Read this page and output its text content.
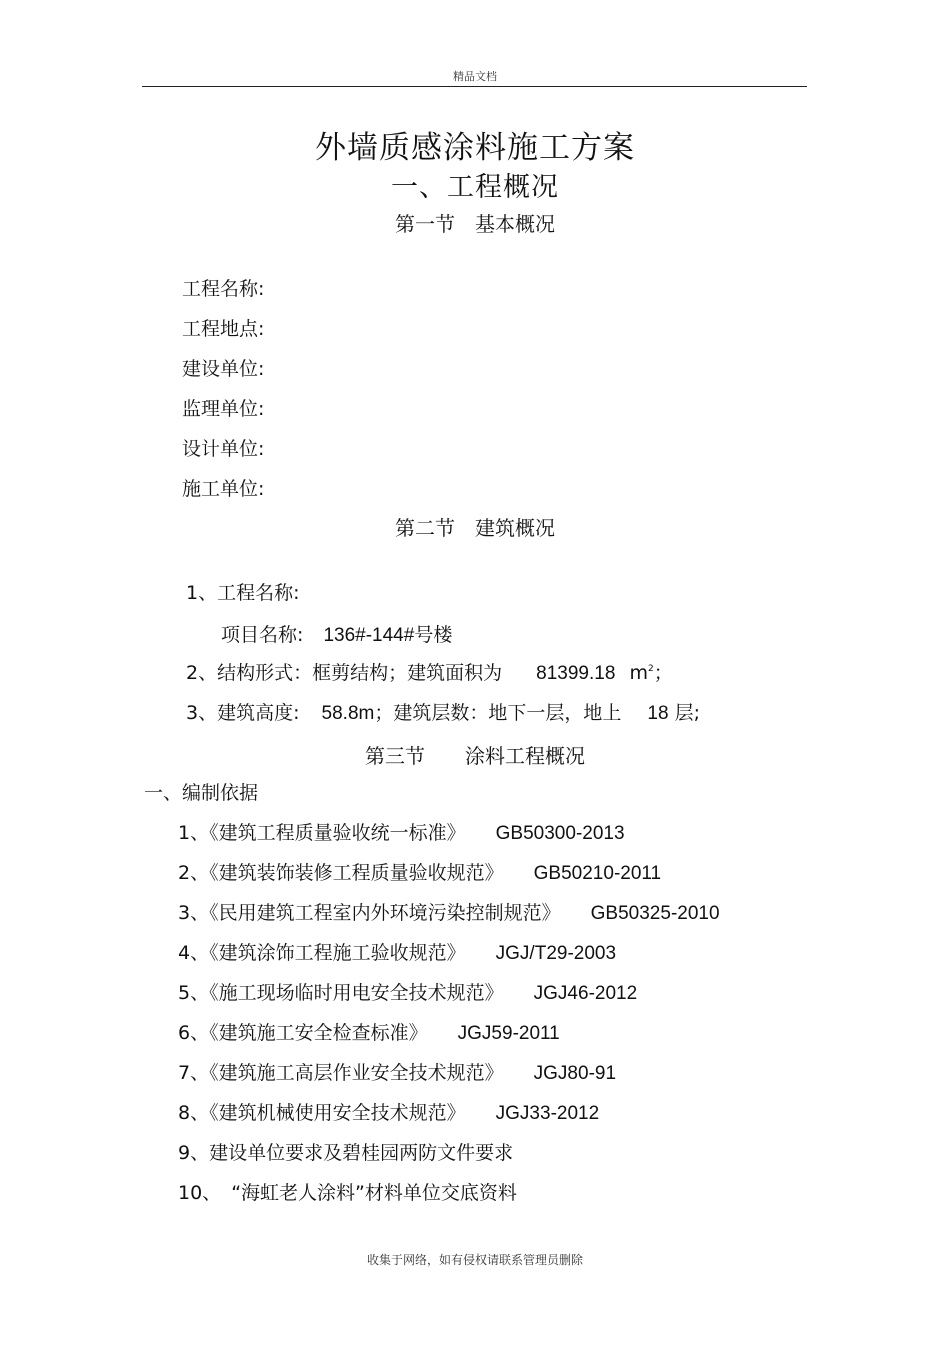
精品文档
外墙质感涂料施工方案
一、工程概况
第一节　基本概况
工程名称:
工程地点:
建设单位:
监理单位:
设计单位:
施工单位:
第二节　建筑概况
1、工程名称:
项目名称: 136#-144#号楼
2、结构形式：框剪结构；建筑面积为 81399.18 $m^2$；
3、建筑高度: 58.8m；建筑层数：地下一层，地上 18 层;
第三节　　涂料工程概况
一、编制依据
1、《建筑工程质量验收统一标准》 GB50300-2013
2、《建筑装饰装修工程质量验收规范》 GB50210-2011
3、《民用建筑工程室内外环境污染控制规范》 GB50325-2010
4、《建筑涂饰工程施工验收规范》 JGJ/T29-2003
5、《施工现场临时用电安全技术规范》 JGJ46-2012
6、《建筑施工安全检查标准》 JGJ59-2011
7、《建筑施工高层作业安全技术规范》 JGJ80-91
8、《建筑机械使用安全技术规范》 JGJ33-2012
9、建设单位要求及碧桂园两防文件要求
10、 “海虹老人涂料”材料单位交底资料
收集于网络，如有侵权请联系管理员删除
